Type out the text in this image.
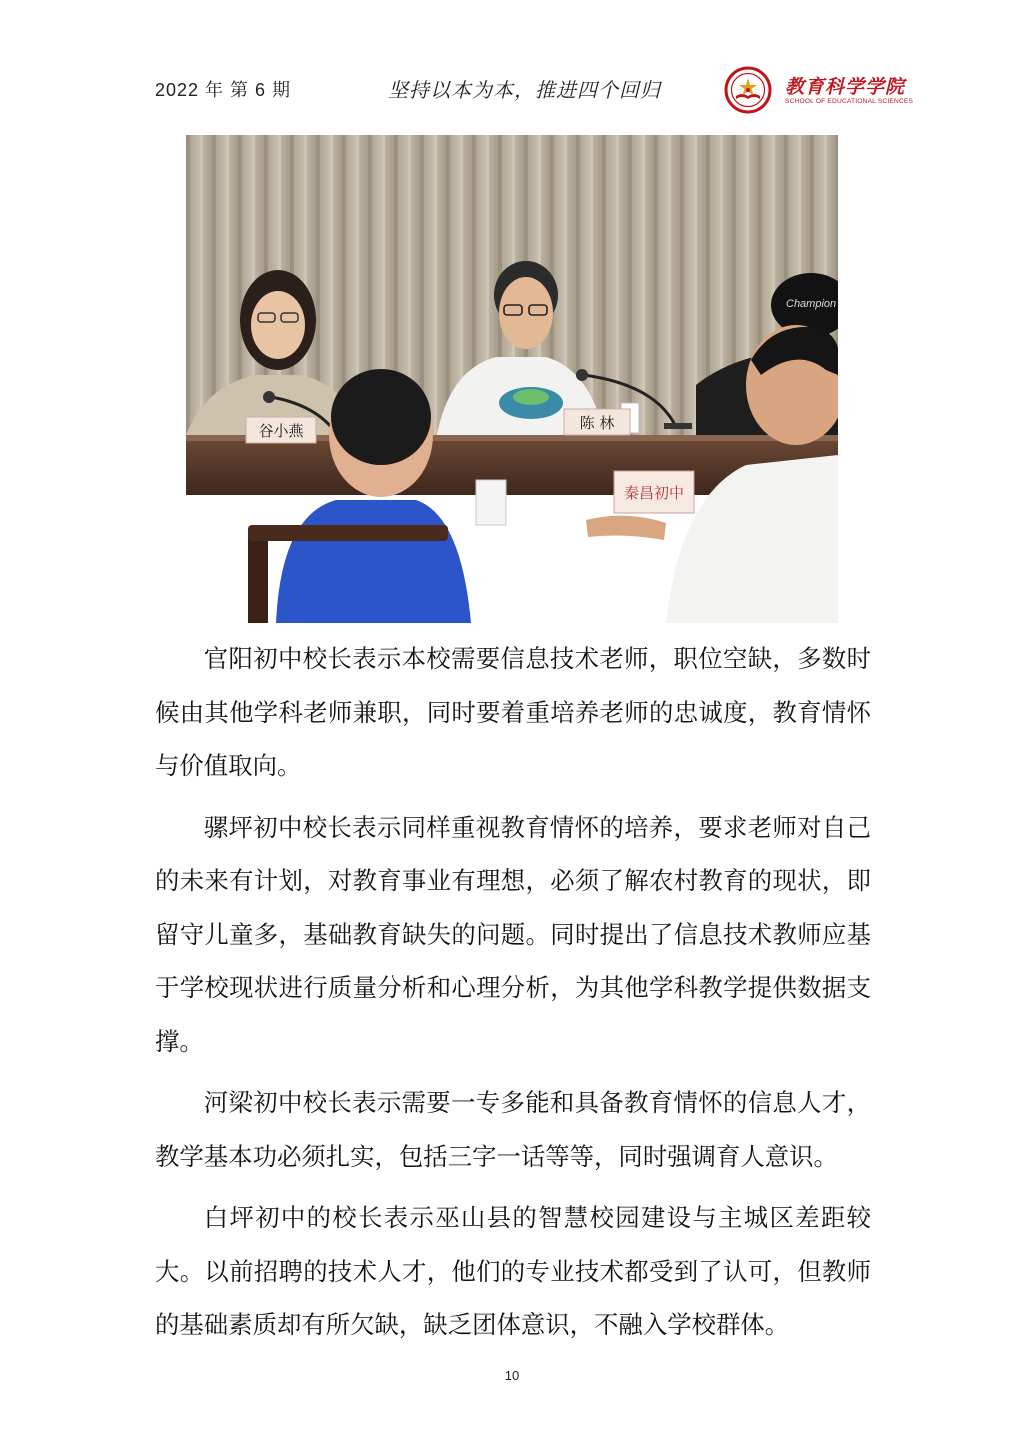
2022 年 第 6 期	坚持以本为本，推进四个回归	教育科学学院
SCHOOL OF EDUCATIONAL SCIENCES
Champion
谷小燕	陈 林
秦昌初中

官阳初中校长表示本校需要信息技术老师，职位空缺，多数时候由其他学科老师兼职，同时要着重培养老师的忠诚度，教育情怀与价值取向。

骡坪初中校长表示同样重视教育情怀的培养，要求老师对自己的未来有计划，对教育事业有理想，必须了解农村教育的现状，即留守儿童多，基础教育缺失的问题。同时提出了信息技术教师应基于学校现状进行质量分析和心理分析，为其他学科教学提供数据支撑。

河梁初中校长表示需要一专多能和具备教育情怀的信息人才，教学基本功必须扎实，包括三字一话等等，同时强调育人意识。

白坪初中的校长表示巫山县的智慧校园建设与主城区差距较大。以前招聘的技术人才，他们的专业技术都受到了认可，但教师的基础素质却有所欠缺，缺乏团体意识，不融入学校群体。

10
